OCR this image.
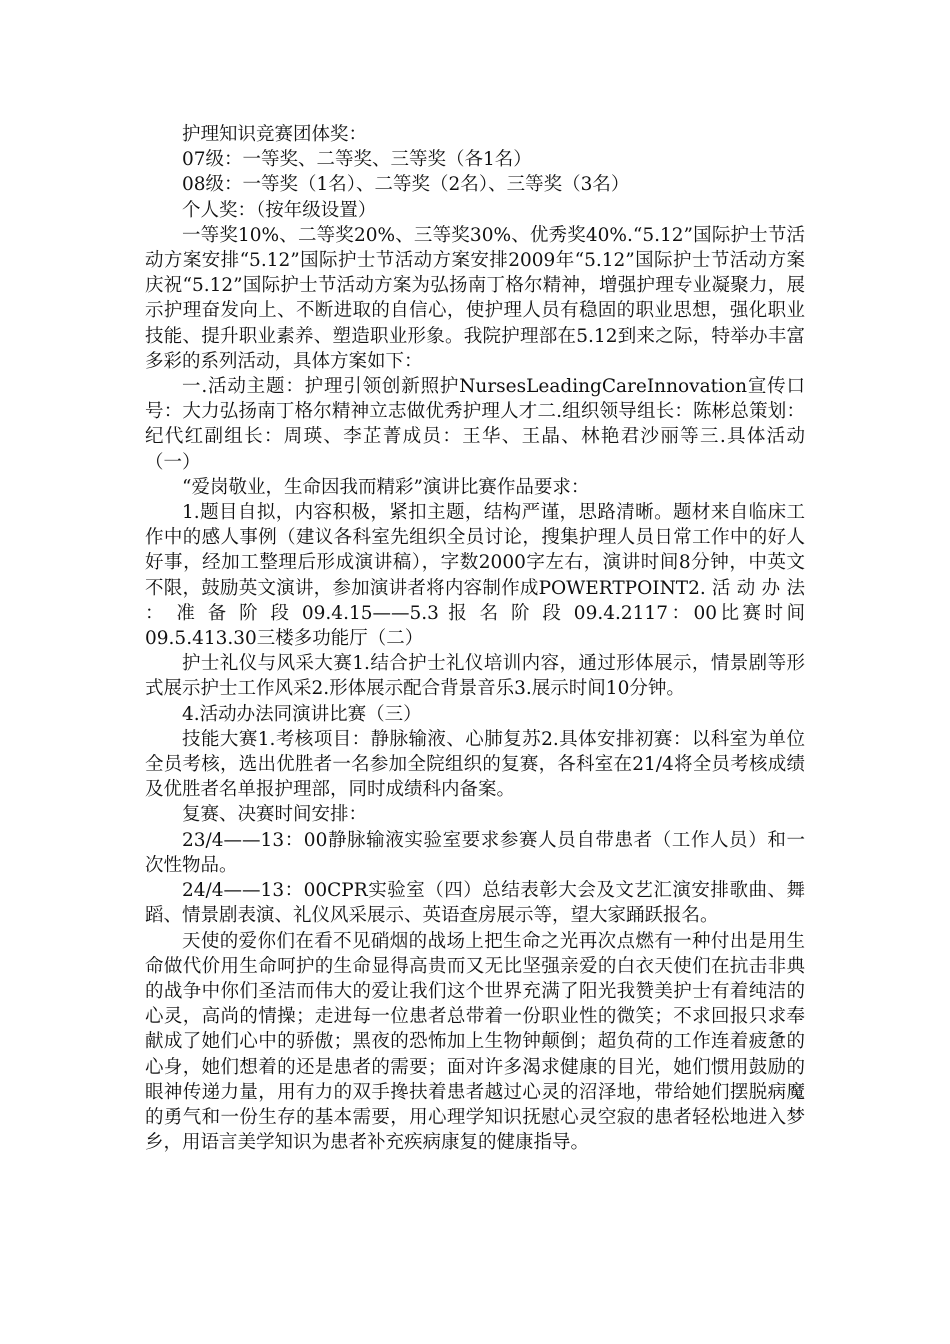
护理知识竞赛团体奖：

07级：一等奖、二等奖、三等奖（各1名）

08级：一等奖（1名）、二等奖（2名）、三等奖（3名）

个人奖：（按年级设置）

一等奖10%、二等奖20%、三等奖30%、优秀奖40%.“5.12”国际护士节活动方案安排“5.12”国际护士节活动方案安排2009年“5.12”国际护士节活动方案庆祝“5.12”国际护士节活动方案为弘扬南丁格尔精神，增强护理专业凝聚力，展示护理奋发向上、不断进取的自信心，使护理人员有稳固的职业思想，强化职业技能、提升职业素养、塑造职业形象。我院护理部在5.12到来之际，特举办丰富多彩的系列活动，具体方案如下：

一.活动主题：护理引领创新照护NursesLeadingCareInnovation宣传口号：大力弘扬南丁格尔精神立志做优秀护理人才二.组织领导组长：陈彬总策划：纪代红副组长：周瑛、李芷菁成员：王华、王晶、林艳君沙丽等三.具体活动（一）

“爱岗敬业，生命因我而精彩”演讲比赛作品要求：

1.题目自拟，内容积极，紧扣主题，结构严谨，思路清晰。题材来自临床工作中的感人事例（建议各科室先组织全员讨论，搜集护理人员日常工作中的好人好事，经加工整理后形成演讲稿），字数2000字左右，演讲时间8分钟，中英文不限，鼓励英文演讲，参加演讲者将内容制作成POWERTPOINT2. 活 动 办 法 ： 准 备 阶 段 09.4.15——5.3 报 名 阶 段 09.4.2117：00比赛时间09.5.413.30三楼多功能厅（二）

护士礼仪与风采大赛1.结合护士礼仪培训内容，通过形体展示，情景剧等形式展示护士工作风采2.形体展示配合背景音乐3.展示时间10分钟。

4.活动办法同演讲比赛（三）

技能大赛1.考核项目：静脉输液、心肺复苏2.具体安排初赛：以科室为单位全员考核，选出优胜者一名参加全院组织的复赛，各科室在21/4将全员考核成绩及优胜者名单报护理部，同时成绩科内备案。

复赛、决赛时间安排：

23/4——13：00静脉输液实验室要求参赛人员自带患者（工作人员）和一次性物品。

24/4——13：00CPR实验室（四）总结表彰大会及文艺汇演安排歌曲、舞蹈、情景剧表演、礼仪风采展示、英语查房展示等，望大家踊跃报名。

天使的爱你们在看不见硝烟的战场上把生命之光再次点燃有一种付出是用生命做代价用生命呵护的生命显得高贵而又无比坚强亲爱的白衣天使们在抗击非典的战争中你们圣洁而伟大的爱让我们这个世界充满了阳光我赞美护士有着纯洁的心灵，高尚的情操；走进每一位患者总带着一份职业性的微笑；不求回报只求奉献成了她们心中的骄傲；黑夜的恐怖加上生物钟颠倒；超负荷的工作连着疲惫的心身，她们想着的还是患者的需要；面对许多渴求健康的目光，她们惯用鼓励的眼神传递力量，用有力的双手搀扶着患者越过心灵的沼泽地，带给她们摆脱病魔的勇气和一份生存的基本需要，用心理学知识抚慰心灵空寂的患者轻松地进入梦乡，用语言美学知识为患者补充疾病康复的健康指导。
